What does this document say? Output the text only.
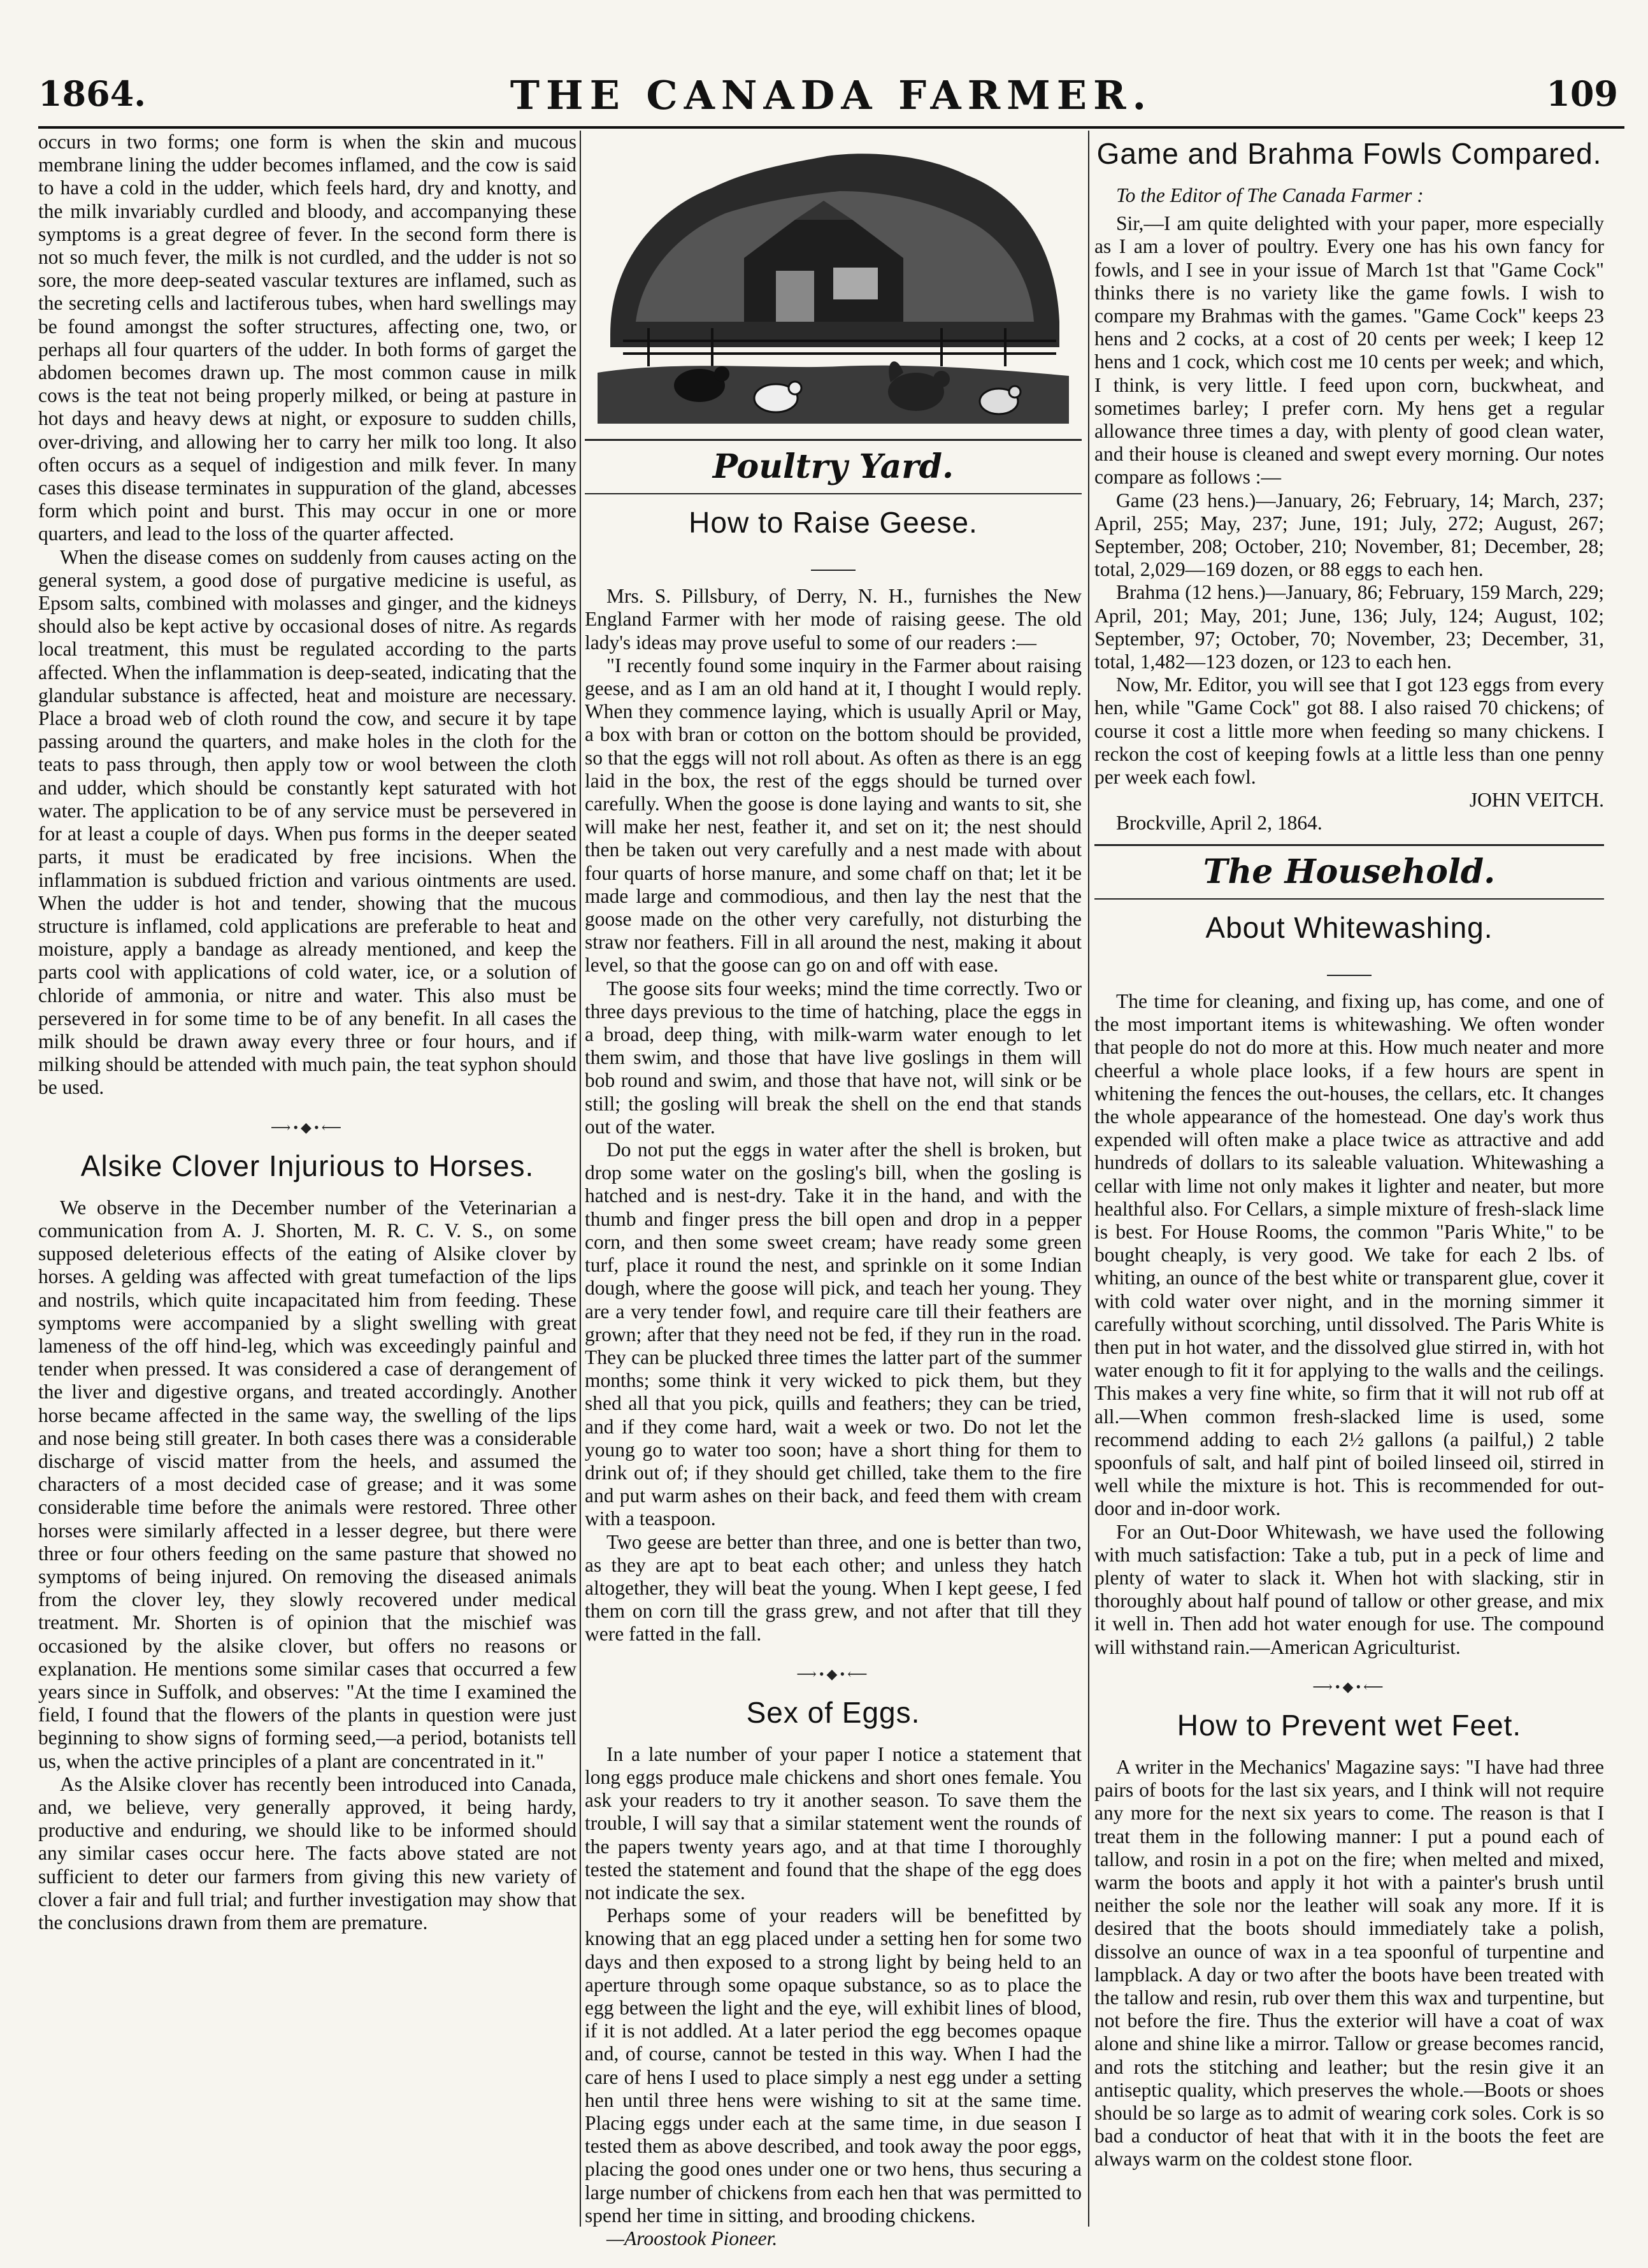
1864.	THE CANADA FARMER.	109

occurs in two forms; one form is when the skin and mucous membrane lining the udder becomes inflamed, and the cow is said to have a cold in the udder, which feels hard, dry and knotty, and the milk invariably curdled and bloody, and accompanying these symptoms is a great degree of fever. In the second form there is not so much fever, the milk is not curdled, and the udder is not so sore, the more deep-seated vascular textures are inflamed, such as the secreting cells and lactiferous tubes, when hard swellings may be found amongst the softer structures, affecting one, two, or perhaps all four quarters of the udder. In both forms of garget the abdomen becomes drawn up. The most common cause in milk cows is the teat not being properly milked, or being at pasture in hot days and heavy dews at night, or exposure to sudden chills, over-driving, and allowing her to carry her milk too long. It also often occurs as a sequel of indigestion and milk fever. In many cases this disease terminates in suppuration of the gland, abcesses form which point and burst. This may occur in one or more quarters, and lead to the loss of the quarter affected.

When the disease comes on suddenly from causes acting on the general system, a good dose of purgative medicine is useful, as Epsom salts, combined with molasses and ginger, and the kidneys should also be kept active by occasional doses of nitre. As regards local treatment, this must be regulated according to the parts affected. When the inflammation is deep-seated, indicating that the glandular substance is affected, heat and moisture are necessary. Place a broad web of cloth round the cow, and secure it by tape passing around the quarters, and make holes in the cloth for the teats to pass through, then apply tow or wool between the cloth and udder, which should be constantly kept saturated with hot water. The application to be of any service must be persevered in for at least a couple of days. When pus forms in the deeper seated parts, it must be eradicated by free incisions. When the inflammation is subdued friction and various ointments are used. When the udder is hot and tender, showing that the mucous structure is inflamed, cold applications are preferable to heat and moisture, apply a bandage as already mentioned, and keep the parts cool with applications of cold water, ice, or a solution of chloride of ammonia, or nitre and water. This also must be persevered in for some time to be of any benefit. In all cases the milk should be drawn away every three or four hours, and if milking should be attended with much pain, the teat syphon should be used.

⟶•◆•⟵
Alsike Clover Injurious to Horses.

We observe in the December number of the Veterinarian a communication from A. J. Shorten, M. R. C. V. S., on some supposed deleterious effects of the eating of Alsike clover by horses. A gelding was affected with great tumefaction of the lips and nostrils, which quite incapacitated him from feeding. These symptoms were accompanied by a slight swelling with great lameness of the off hind-leg, which was exceedingly painful and tender when pressed. It was considered a case of derangement of the liver and digestive organs, and treated accordingly. Another horse became affected in the same way, the swelling of the lips and nose being still greater. In both cases there was a considerable discharge of viscid matter from the heels, and assumed the characters of a most decided case of grease; and it was some considerable time before the animals were restored. Three other horses were similarly affected in a lesser degree, but there were three or four others feeding on the same pasture that showed no symptoms of being injured. On removing the diseased animals from the clover ley, they slowly recovered under medical treatment. Mr. Shorten is of opinion that the mischief was occasioned by the alsike clover, but offers no reasons or explanation. He mentions some similar cases that occurred a few years since in Suffolk, and observes: "At the time I examined the field, I found that the flowers of the plants in question were just beginning to show signs of forming seed,—a period, botanists tell us, when the active principles of a plant are concentrated in it."

As the Alsike clover has recently been introduced into Canada, and, we believe, very generally approved, it being hardy, productive and enduring, we should like to be informed should any similar cases occur here. The facts above stated are not sufficient to deter our farmers from giving this new variety of clover a fair and full trial; and further investigation may show that the conclusions drawn from them are premature.

Poultry Yard.
How to Raise Geese.

Mrs. S. Pillsbury, of Derry, N. H., furnishes the New England Farmer with her mode of raising geese. The old lady's ideas may prove useful to some of our readers :—

"I recently found some inquiry in the Farmer about raising geese, and as I am an old hand at it, I thought I would reply. When they commence laying, which is usually April or May, a box with bran or cotton on the bottom should be provided, so that the eggs will not roll about. As often as there is an egg laid in the box, the rest of the eggs should be turned over carefully. When the goose is done laying and wants to sit, she will make her nest, feather it, and set on it; the nest should then be taken out very carefully and a nest made with about four quarts of horse manure, and some chaff on that; let it be made large and commodious, and then lay the nest that the goose made on the other very carefully, not disturbing the straw nor feathers. Fill in all around the nest, making it about level, so that the goose can go on and off with ease.

The goose sits four weeks; mind the time correctly. Two or three days previous to the time of hatching, place the eggs in a broad, deep thing, with milk-warm water enough to let them swim, and those that have live goslings in them will bob round and swim, and those that have not, will sink or be still; the gosling will break the shell on the end that stands out of the water.

Do not put the eggs in water after the shell is broken, but drop some water on the gosling's bill, when the gosling is hatched and is nest-dry. Take it in the hand, and with the thumb and finger press the bill open and drop in a pepper corn, and then some sweet cream; have ready some green turf, place it round the nest, and sprinkle on it some Indian dough, where the goose will pick, and teach her young. They are a very tender fowl, and require care till their feathers are grown; after that they need not be fed, if they run in the road. They can be plucked three times the latter part of the summer months; some think it very wicked to pick them, but they shed all that you pick, quills and feathers; they can be tried, and if they come hard, wait a week or two. Do not let the young go to water too soon; have a short thing for them to drink out of; if they should get chilled, take them to the fire and put warm ashes on their back, and feed them with cream with a teaspoon.

Two geese are better than three, and one is better than two, as they are apt to beat each other; and unless they hatch altogether, they will beat the young. When I kept geese, I fed them on corn till the grass grew, and not after that till they were fatted in the fall.

⟶•◆•⟵
Sex of Eggs.

In a late number of your paper I notice a statement that long eggs produce male chickens and short ones female. You ask your readers to try it another season. To save them the trouble, I will say that a similar statement went the rounds of the papers twenty years ago, and at that time I thoroughly tested the statement and found that the shape of the egg does not indicate the sex.

Perhaps some of your readers will be benefitted by knowing that an egg placed under a setting hen for some two days and then exposed to a strong light by being held to an aperture through some opaque substance, so as to place the egg between the light and the eye, will exhibit lines of blood, if it is not addled. At a later period the egg becomes opaque and, of course, cannot be tested in this way. When I had the care of hens I used to place simply a nest egg under a setting hen until three hens were wishing to sit at the same time. Placing eggs under each at the same time, in due season I tested them as above described, and took away the poor eggs, placing the good ones under one or two hens, thus securing a large number of chickens from each hen that was permitted to spend her time in sitting, and brooding chickens.

—Aroostook Pioneer.

Game and Brahma Fowls Compared.

To the Editor of The Canada Farmer :

Sir,—I am quite delighted with your paper, more especially as I am a lover of poultry. Every one has his own fancy for fowls, and I see in your issue of March 1st that "Game Cock" thinks there is no variety like the game fowls. I wish to compare my Brahmas with the games. "Game Cock" keeps 23 hens and 2 cocks, at a cost of 20 cents per week; I keep 12 hens and 1 cock, which cost me 10 cents per week; and which, I think, is very little. I feed upon corn, buckwheat, and sometimes barley; I prefer corn. My hens get a regular allowance three times a day, with plenty of good clean water, and their house is cleaned and swept every morning. Our notes compare as follows :—

Game (23 hens.)—January, 26; February, 14; March, 237; April, 255; May, 237; June, 191; July, 272; August, 267; September, 208; October, 210; November, 81; December, 28; total, 2,029—169 dozen, or 88 eggs to each hen.

Brahma (12 hens.)—January, 86; February, 159 March, 229; April, 201; May, 201; June, 136; July, 124; August, 102; September, 97; October, 70; November, 23; December, 31, total, 1,482—123 dozen, or 123 to each hen.

Now, Mr. Editor, you will see that I got 123 eggs from every hen, while "Game Cock" got 88. I also raised 70 chickens; of course it cost a little more when feeding so many chickens. I reckon the cost of keeping fowls at a little less than one penny per week each fowl.

JOHN VEITCH.

Brockville, April 2, 1864.

The Household.
About Whitewashing.

The time for cleaning, and fixing up, has come, and one of the most important items is whitewashing. We often wonder that people do not do more at this. How much neater and more cheerful a whole place looks, if a few hours are spent in whitening the fences the out-houses, the cellars, etc. It changes the whole appearance of the homestead. One day's work thus expended will often make a place twice as attractive and add hundreds of dollars to its saleable valuation. Whitewashing a cellar with lime not only makes it lighter and neater, but more healthful also. For Cellars, a simple mixture of fresh-slack lime is best. For House Rooms, the common "Paris White," to be bought cheaply, is very good. We take for each 2 lbs. of whiting, an ounce of the best white or transparent glue, cover it with cold water over night, and in the morning simmer it carefully without scorching, until dissolved. The Paris White is then put in hot water, and the dissolved glue stirred in, with hot water enough to fit it for applying to the walls and the ceilings. This makes a very fine white, so firm that it will not rub off at all.—When common fresh-slacked lime is used, some recommend adding to each 2½ gallons (a pailful,) 2 table spoonfuls of salt, and half pint of boiled linseed oil, stirred in well while the mixture is hot. This is recommended for out-door and in-door work.

For an Out-Door Whitewash, we have used the following with much satisfaction: Take a tub, put in a peck of lime and plenty of water to slack it. When hot with slacking, stir in thoroughly about half pound of tallow or other grease, and mix it well in. Then add hot water enough for use. The compound will withstand rain.—American Agriculturist.

⟶•◆•⟵
How to Prevent wet Feet.

A writer in the Mechanics' Magazine says: "I have had three pairs of boots for the last six years, and I think will not require any more for the next six years to come. The reason is that I treat them in the following manner: I put a pound each of tallow, and rosin in a pot on the fire; when melted and mixed, warm the boots and apply it hot with a painter's brush until neither the sole nor the leather will soak any more. If it is desired that the boots should immediately take a polish, dissolve an ounce of wax in a tea spoonful of turpentine and lampblack. A day or two after the boots have been treated with the tallow and resin, rub over them this wax and turpentine, but not before the fire. Thus the exterior will have a coat of wax alone and shine like a mirror. Tallow or grease becomes rancid, and rots the stitching and leather; but the resin give it an antiseptic quality, which preserves the whole.—Boots or shoes should be so large as to admit of wearing cork soles. Cork is so bad a conductor of heat that with it in the boots the feet are always warm on the coldest stone floor.
